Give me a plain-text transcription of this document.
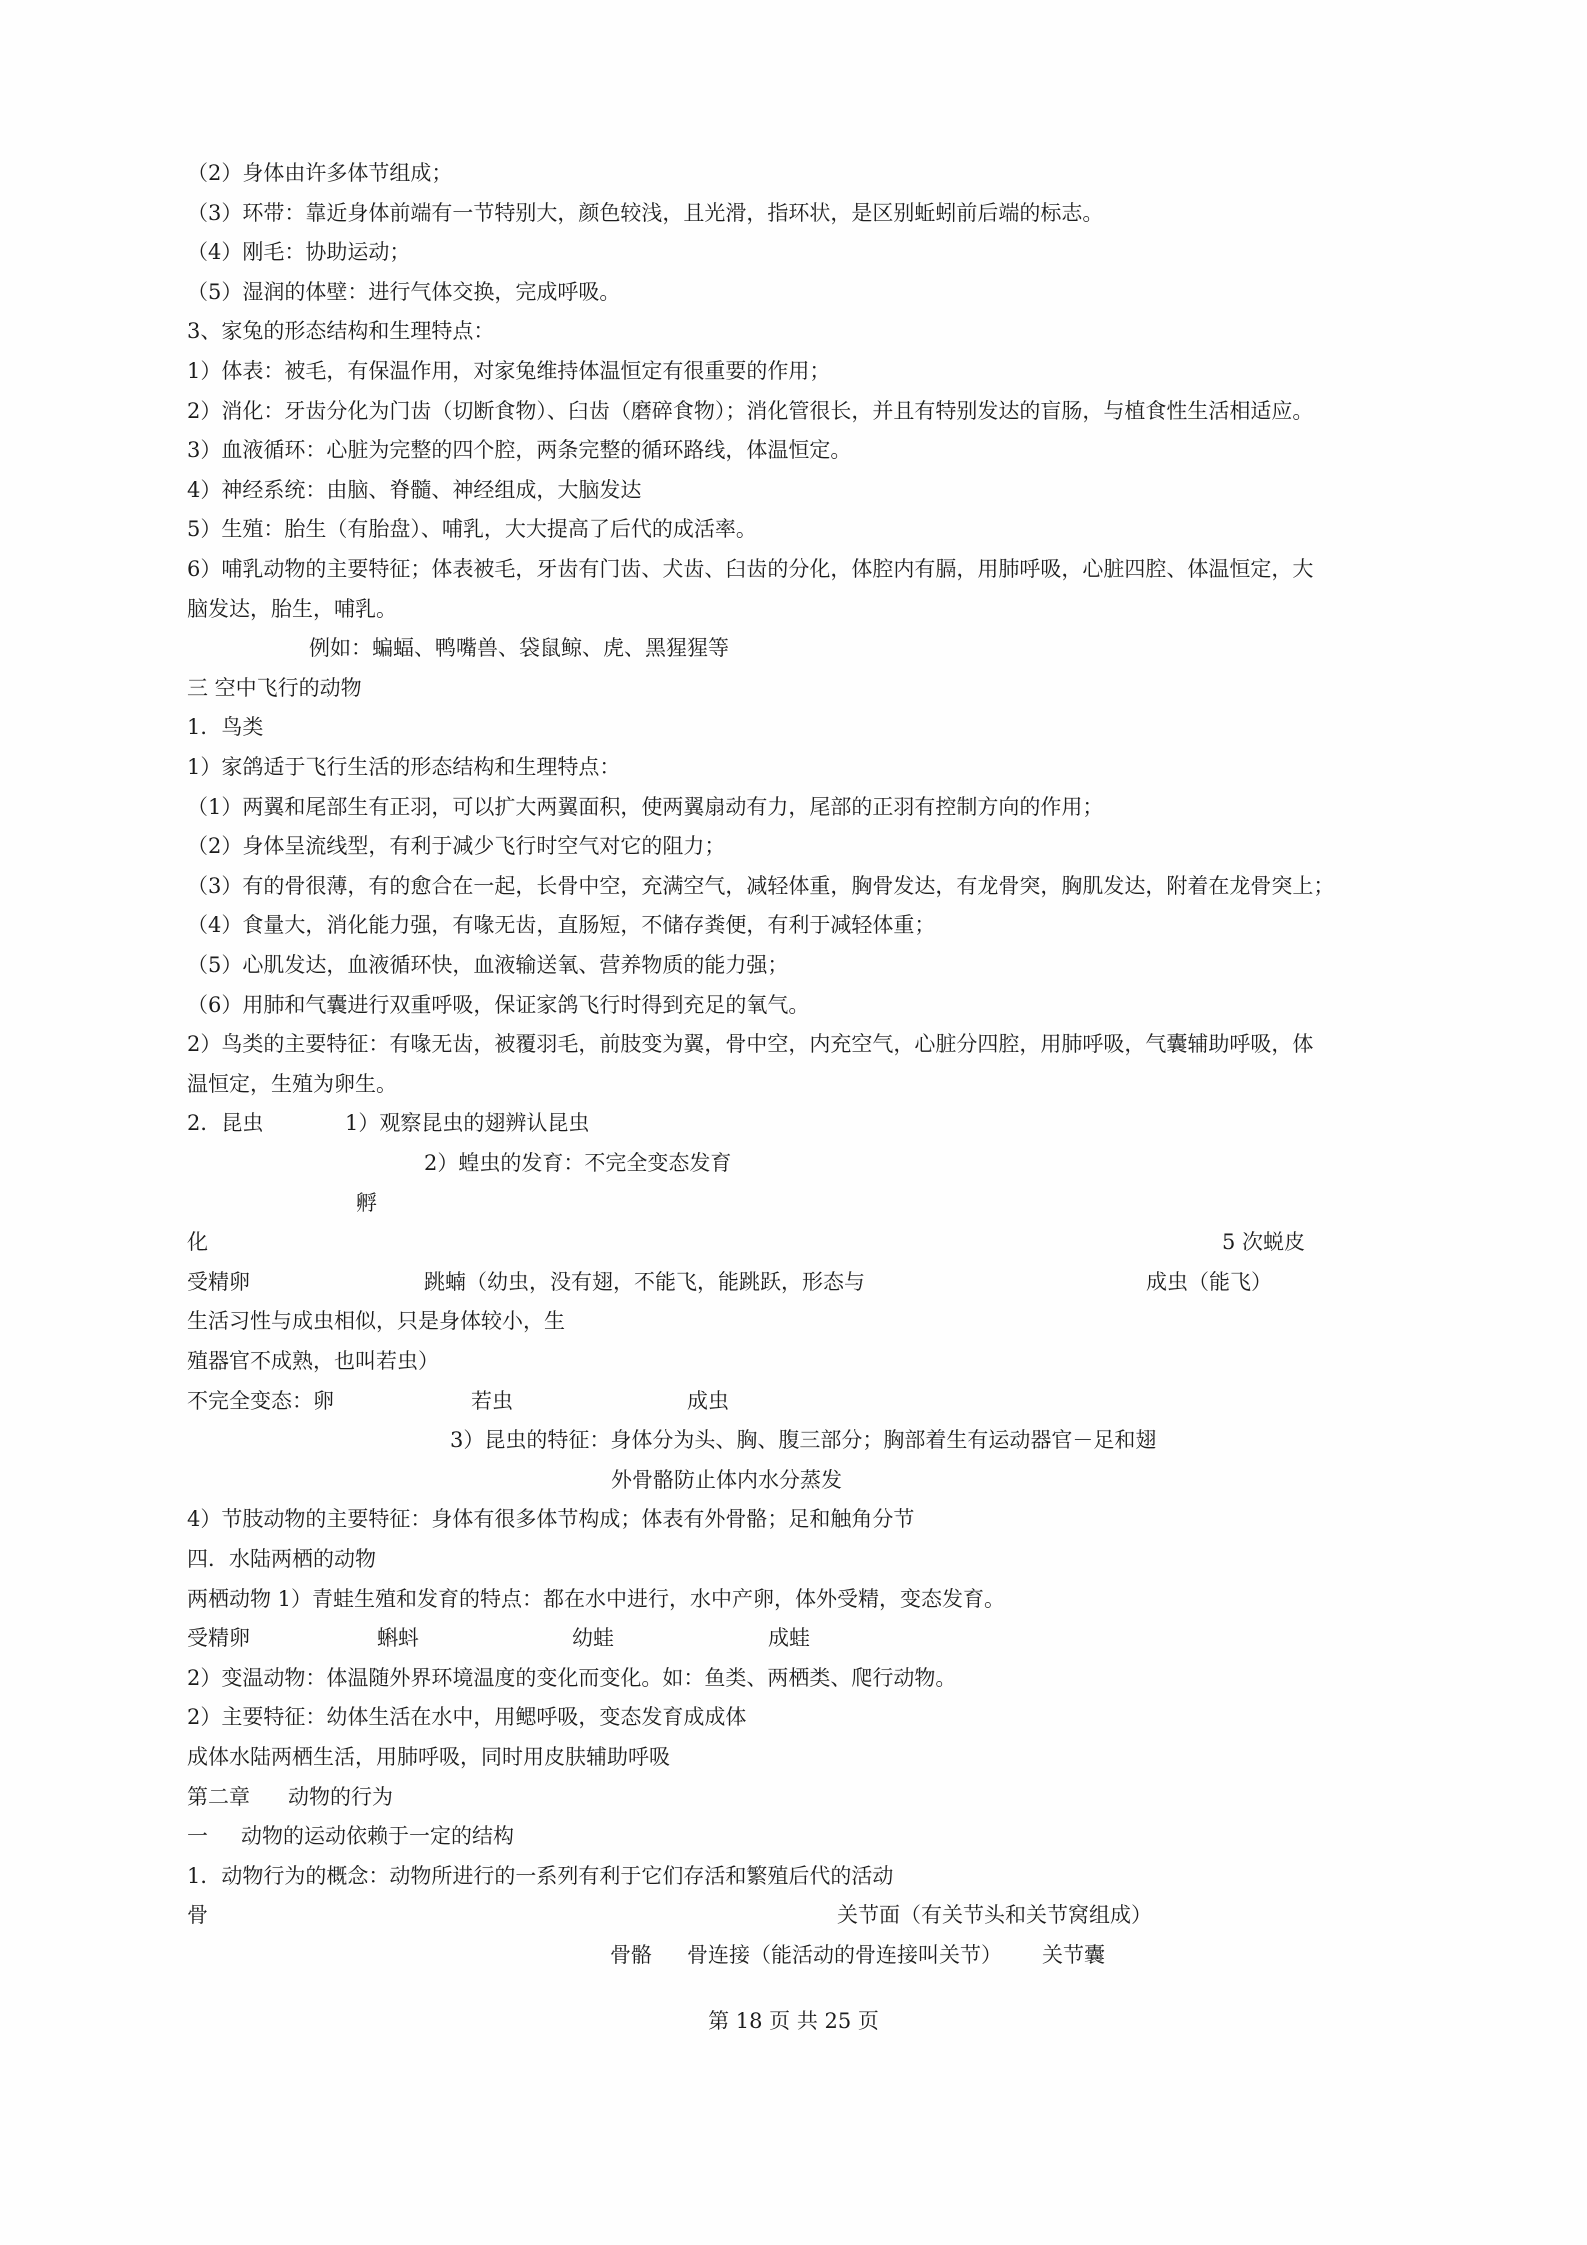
（2）身体由许多体节组成；
（3）环带：靠近身体前端有一节特别大，颜色较浅，且光滑，指环状，是区别蚯蚓前后端的标志。
（4）刚毛：协助运动；
（5）湿润的体壁：进行气体交换，完成呼吸。
3、家兔的形态结构和生理特点：
1）体表：被毛，有保温作用，对家兔维持体温恒定有很重要的作用；
2）消化：牙齿分化为门齿（切断食物）、臼齿（磨碎食物）；消化管很长，并且有特别发达的盲肠，与植食性生活相适应。
3）血液循环：心脏为完整的四个腔，两条完整的循环路线，体温恒定。
4）神经系统：由脑、脊髓、神经组成，大脑发达
5）生殖：胎生（有胎盘）、哺乳，大大提高了后代的成活率。
6）哺乳动物的主要特征；体表被毛，牙齿有门齿、犬齿、臼齿的分化，体腔内有膈，用肺呼吸，心脏四腔、体温恒定，大
脑发达，胎生，哺乳。
例如：蝙蝠、鸭嘴兽、袋鼠鲸、虎、黑猩猩等
三 空中飞行的动物
1．鸟类
1）家鸽适于飞行生活的形态结构和生理特点：
（1）两翼和尾部生有正羽，可以扩大两翼面积，使两翼扇动有力，尾部的正羽有控制方向的作用；
（2）身体呈流线型，有利于减少飞行时空气对它的阻力；
（3）有的骨很薄，有的愈合在一起，长骨中空，充满空气，减轻体重，胸骨发达，有龙骨突，胸肌发达，附着在龙骨突上；
（4）食量大，消化能力强，有喙无齿，直肠短，不储存粪便，有利于减轻体重；
（5）心肌发达，血液循环快，血液输送氧、营养物质的能力强；
（6）用肺和气囊进行双重呼吸，保证家鸽飞行时得到充足的氧气。
2）鸟类的主要特征：有喙无齿，被覆羽毛，前肢变为翼，骨中空，内充空气，心脏分四腔，用肺呼吸，气囊辅助呼吸，体
温恒定，生殖为卵生。
2．昆虫	1）观察昆虫的翅辨认昆虫
2）蝗虫的发育：不完全变态发育
孵
化	5 次蜕皮
受精卵	跳蝻（幼虫，没有翅，不能飞，能跳跃，形态与	成虫（能飞）
生活习性与成虫相似，只是身体较小，生
殖器官不成熟，也叫若虫）
不完全变态：卵	若虫	成虫
3）昆虫的特征：身体分为头、胸、腹三部分；胸部着生有运动器官－足和翅
外骨骼防止体内水分蒸发
4）节肢动物的主要特征：身体有很多体节构成；体表有外骨骼；足和触角分节
四．水陆两栖的动物
两栖动物 1）青蛙生殖和发育的特点：都在水中进行，水中产卵，体外受精，变态发育。
受精卵	蝌蚪	幼蛙	成蛙
2）变温动物：体温随外界环境温度的变化而变化。如：鱼类、两栖类、爬行动物。
2）主要特征：幼体生活在水中，用鳃呼吸，变态发育成成体
成体水陆两栖生活，用肺呼吸，同时用皮肤辅助呼吸
第二章 动物的行为
一 动物的运动依赖于一定的结构
1．动物行为的概念：动物所进行的一系列有利于它们存活和繁殖后代的活动
骨	关节面（有关节头和关节窝组成）
骨骼 骨连接（能活动的骨连接叫关节） 关节囊
第 18 页 共 25 页
